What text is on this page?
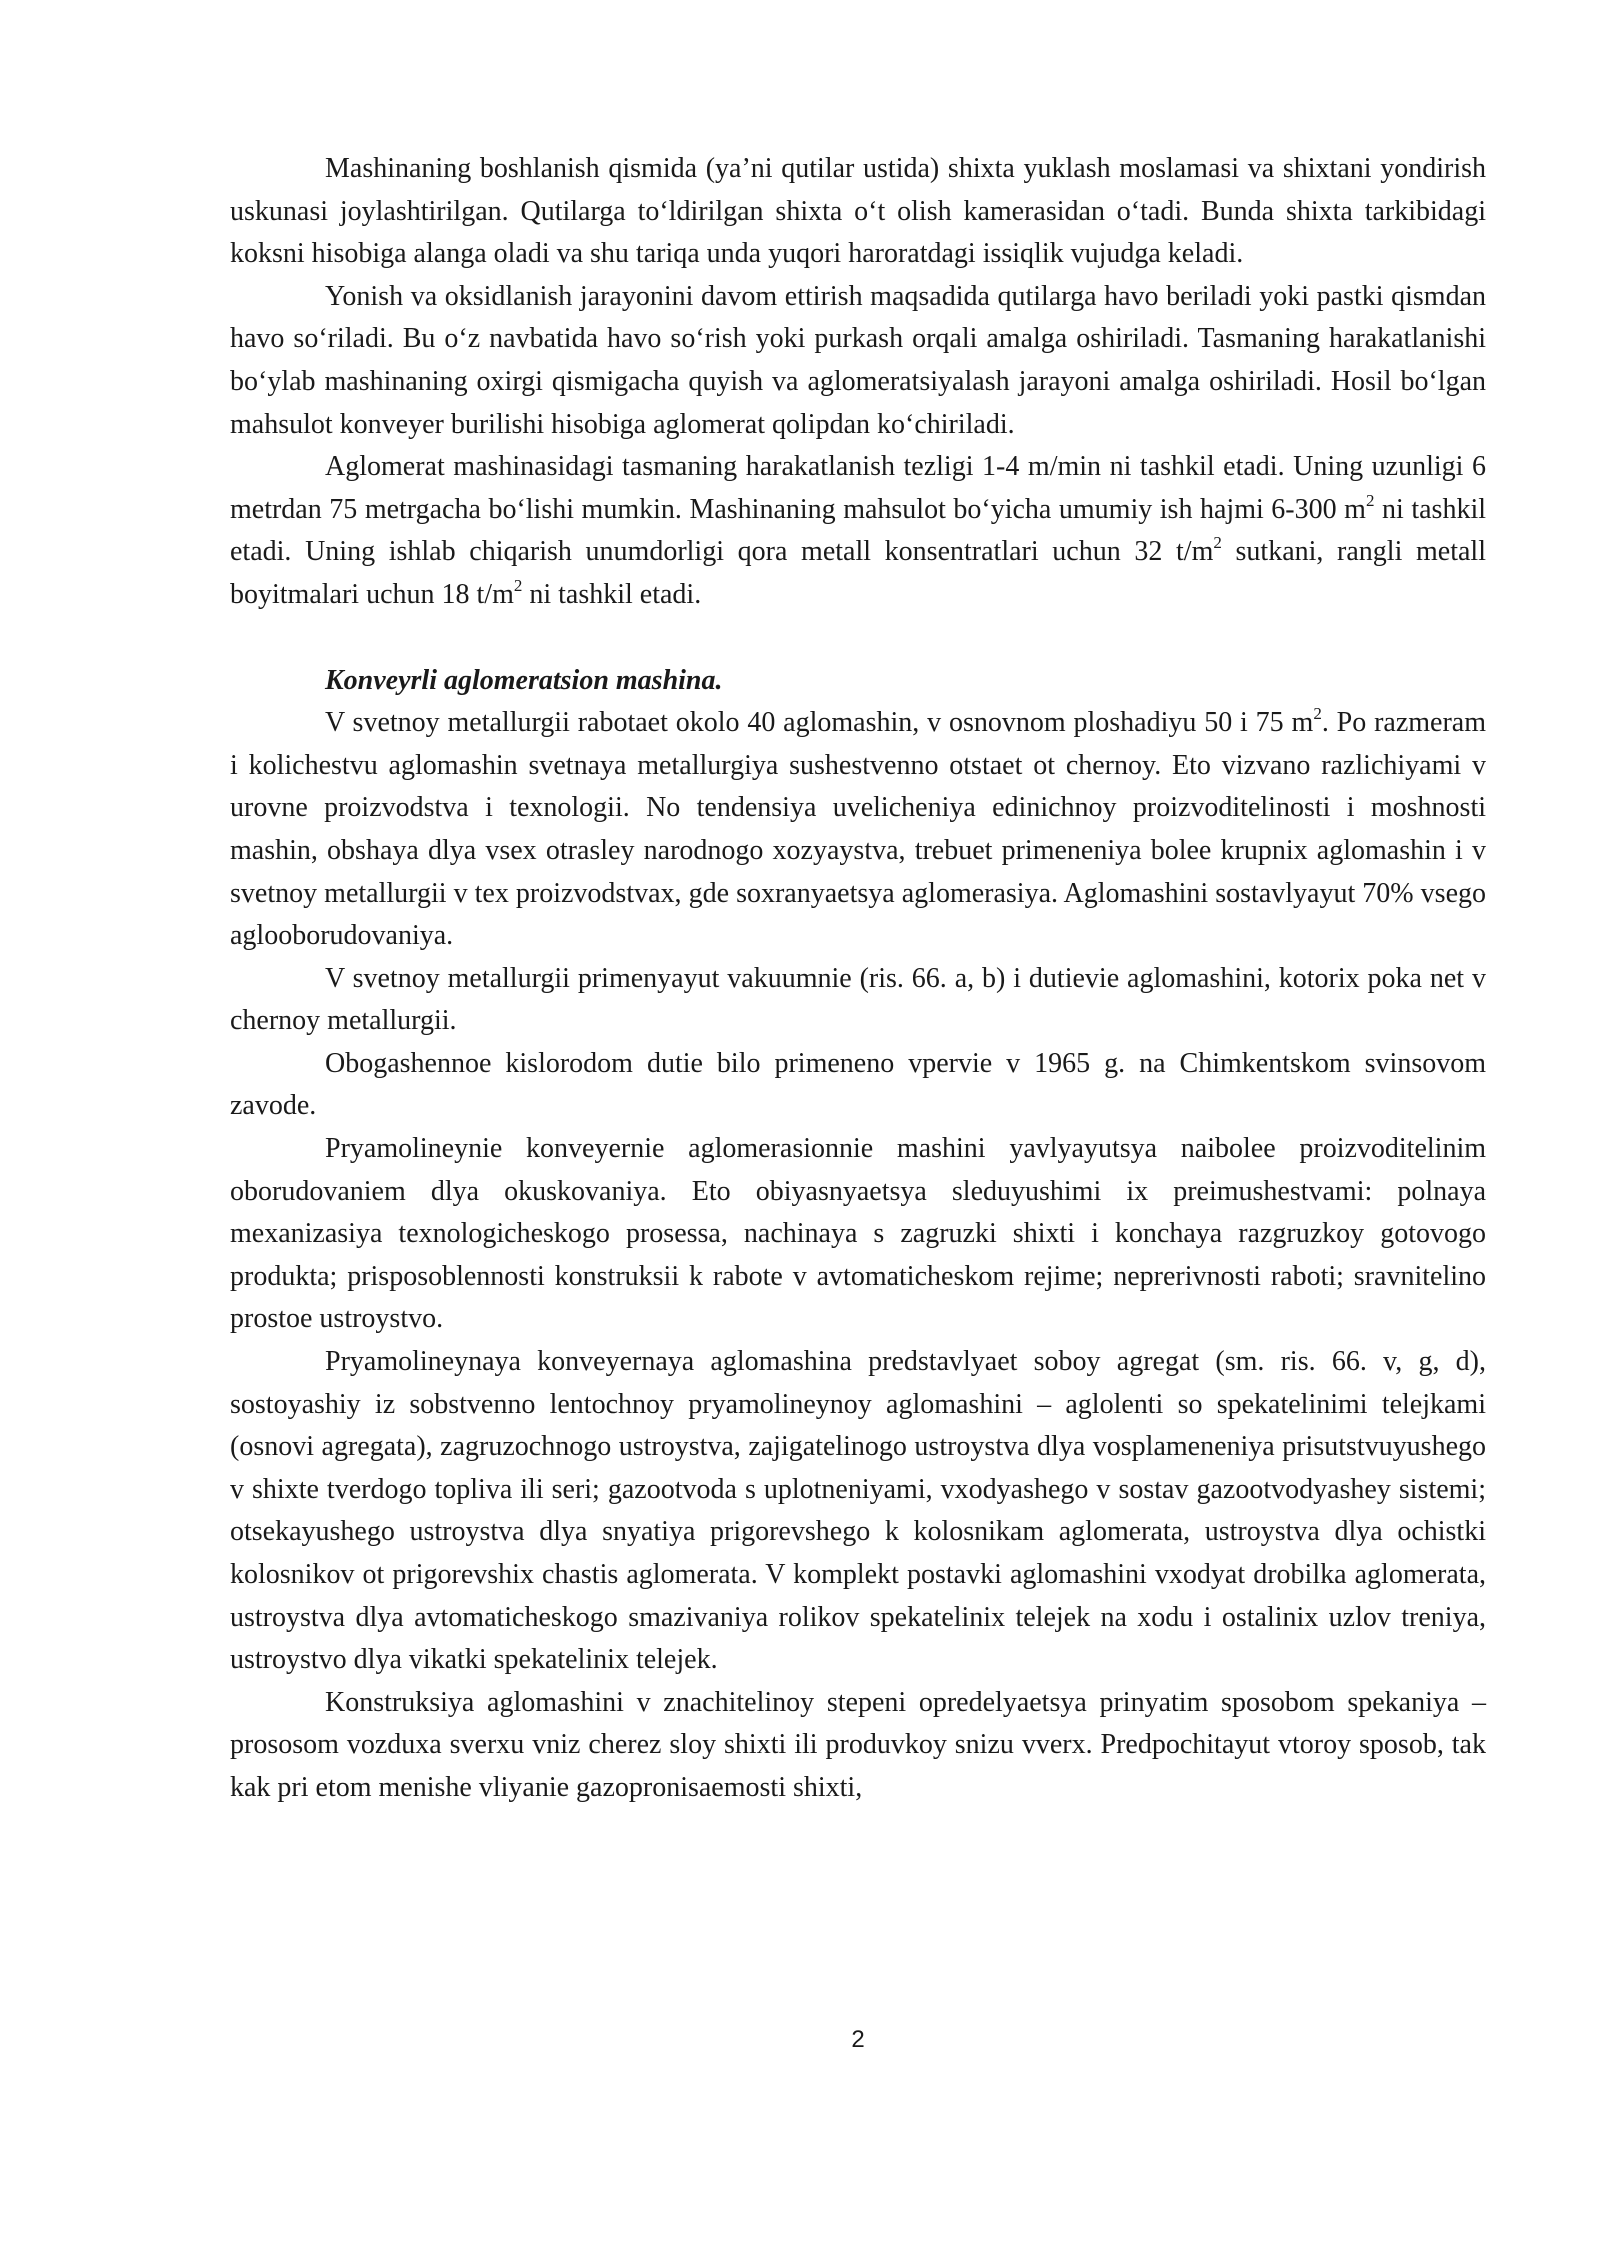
Mashinaning boshlanish qismida (ya’ni qutilar ustida) shixta yuklash moslamasi va shixtani yondirish uskunasi joylashtirilgan. Qutilarga to‘ldirilgan shixta o‘t olish kamerasidan o‘tadi. Bunda shixta tarkibidagi koksni hisobiga alanga oladi va shu tariqa unda yuqori haroratdagi issiqlik vujudga keladi.

Yonish va oksidlanish jarayonini davom ettirish maqsadida qutilarga havo beriladi yoki pastki qismdan havo so‘riladi. Bu o‘z navbatida havo so‘rish yoki purkash orqali amalga oshiriladi. Tasmaning harakatlanishi bo‘ylab mashinaning oxirgi qismigacha quyish va aglomeratsiyalash jarayoni amalga oshiriladi. Hosil bo‘lgan mahsulot konveyer burilishi hisobiga aglomerat qolipdan ko‘chiriladi.

Aglomerat mashinasidagi tasmaning harakatlanish tezligi 1-4 m/min ni tashkil etadi. Uning uzunligi 6 metrdan 75 metrgacha bo‘lishi mumkin. Mashinaning mahsulot bo‘yicha umumiy ish hajmi 6-300 $m^2$ ni tashkil etadi. Uning ishlab chiqarish unumdorligi qora metall konsentratlari uchun 32 $t/m^2$ sutkani, rangli metall boyitmalari uchun 18 $t/m^2$ ni tashkil etadi.

Konveyrli aglomeratsion mashina.

V svetnoy metallurgii rabotaet okolo 40 aglomashin, v osnovnom ploshadiyu 50 i 75 $m^2$. Po razmeram i kolichestvu aglomashin svetnaya metallurgiya sushestvenno otstaet ot chernoy. Eto vizvano razlichiyami v urovne proizvodstva i texnologii. No tendensiya uvelicheniya edinichnoy proizvoditelinosti i moshnosti mashin, obshaya dlya vsex otrasley narodnogo xozyaystva, trebuet primeneniya bolee krupnix aglomashin i v svetnoy metallurgii v tex proizvodstvax, gde soxranyaetsya aglomerasiya. Aglomashini sostavlyayut 70% vsego aglooborudovaniya.

V svetnoy metallurgii primenyayut vakuumnie (ris. 66. a, b) i dutievie aglomashini, kotorix poka net v chernoy metallurgii.

Obogashennoe kislorodom dutie bilo primeneno vpervie v 1965 g. na Chimkentskom svinsovom zavode.

Pryamolineynie konveyernie aglomerasionnie mashini yavlyayutsya naibolee proizvoditelinim oborudovaniem dlya okuskovaniya. Eto obiyasnyaetsya sleduyushimi ix preimushestvami: polnaya mexanizasiya texnologicheskogo prosessa, nachinaya s zagruzki shixti i konchaya razgruzkoy gotovogo produkta; prisposoblennosti konstruksii k rabote v avtomaticheskom rejime; neprerivnosti raboti; sravnitelino prostoe ustroystvo.

Pryamolineynaya konveyernaya aglomashina predstavlyaet soboy agregat (sm. ris. 66. v, g, d), sostoyashiy iz sobstvenno lentochnoy pryamolineynoy aglomashini – aglolenti so spekatelinimi telejkami (osnovi agregata), zagruzochnogo ustroystva, zajigatelinogo ustroystva dlya vosplameneniya prisutstvuyushego v shixte tverdogo topliva ili seri; gazootvoda s uplotneniyami, vxodyashego v sostav gazootvodyashey sistemi; otsekayushego ustroystva dlya snyatiya prigorevshego k kolosnikam aglomerata, ustroystva dlya ochistki kolosnikov ot prigorevshix chastis aglomerata. V komplekt postavki aglomashini vxodyat drobilka aglomerata, ustroystva dlya avtomaticheskogo smazivaniya rolikov spekatelinix telejek na xodu i ostalinix uzlov treniya, ustroystvo dlya vikatki spekatelinix telejek.

Konstruksiya aglomashini v znachitelinoy stepeni opredelyaetsya prinyatim sposobom spekaniya – prososom vozduxa sverxu vniz cherez sloy shixti ili produvkoy snizu vverx. Predpochitayut vtoroy sposob, tak kak pri etom menishe vliyanie gazopronisaemosti shixti,

2
